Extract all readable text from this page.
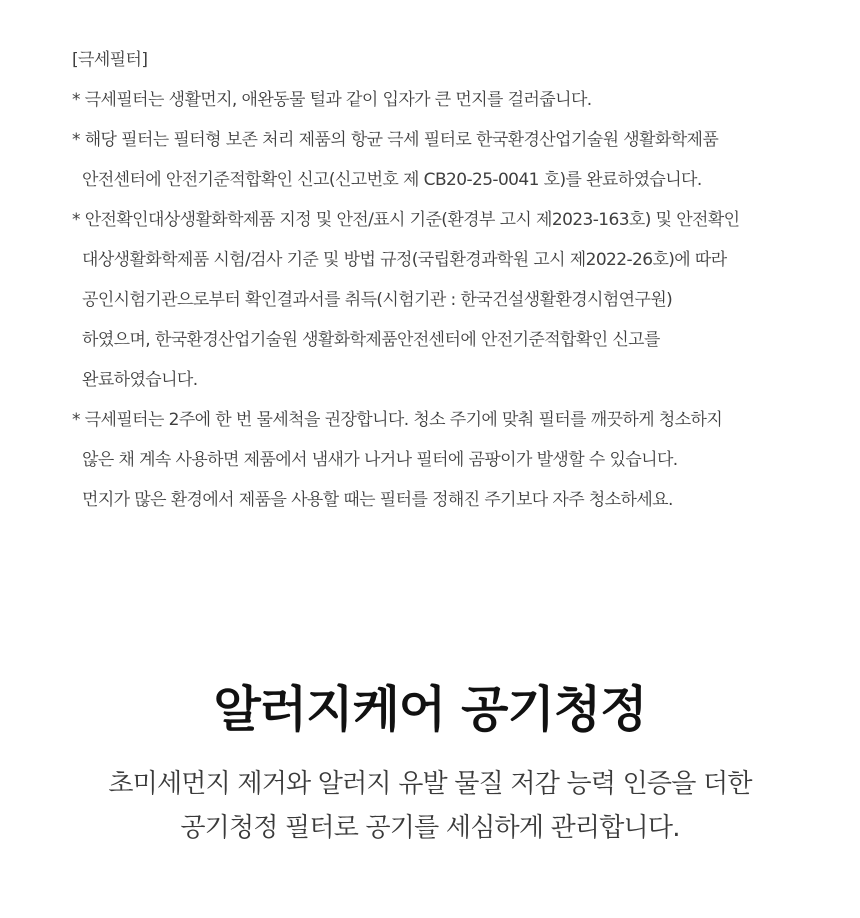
[극세필터]
* 극세필터는 생활먼지, 애완동물 털과 같이 입자가 큰 먼지를 걸러줍니다.
* 해당 필터는 필터형 보존 처리 제품의 항균 극세 필터로 한국환경산업기술원 생활화학제품
안전센터에 안전기준적합확인 신고(신고번호 제 CB20-25-0041 호)를 완료하였습니다.
* 안전확인대상생활화학제품 지정 및 안전/표시 기준(환경부 고시 제2023-163호) 및 안전확인
대상생활화학제품 시험/검사 기준 및 방법 규정(국립환경과학원 고시 제2022-26호)에 따라
공인시험기관으로부터 확인결과서를 취득(시험기관 : 한국건설생활환경시험연구원)
하였으며, 한국환경산업기술원 생활화학제품안전센터에 안전기준적합확인 신고를
완료하였습니다.
* 극세필터는 2주에 한 번 물세척을 권장합니다. 청소 주기에 맞춰 필터를 깨끗하게 청소하지
않은 채 계속 사용하면 제품에서 냄새가 나거나 필터에 곰팡이가 발생할 수 있습니다.
먼지가 많은 환경에서 제품을 사용할 때는 필터를 정해진 주기보다 자주 청소하세요.
알러지케어 공기청정
초미세먼지 제거와 알러지 유발 물질 저감 능력 인증을 더한
공기청정 필터로 공기를 세심하게 관리합니다.
